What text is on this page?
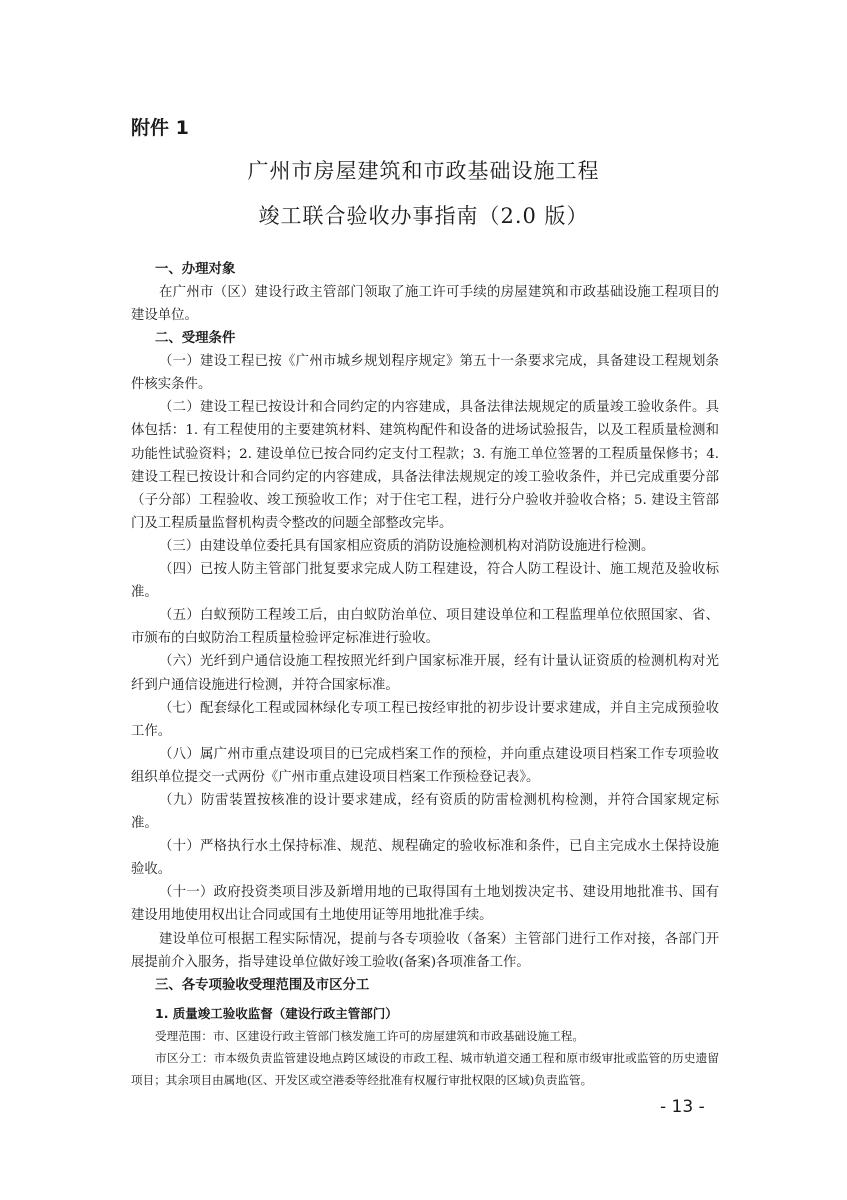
附件 1
广州市房屋建筑和市政基础设施工程
竣工联合验收办事指南（2.0 版）
一、办理对象

在广州市（区）建设行政主管部门领取了施工许可手续的房屋建筑和市政基础设施工程项目的建设单位。

二、受理条件

（一）建设工程已按《广州市城乡规划程序规定》第五十一条要求完成，具备建设工程规划条件核实条件。

（二）建设工程已按设计和合同约定的内容建成，具备法律法规规定的质量竣工验收条件。具体包括：1. 有工程使用的主要建筑材料、建筑构配件和设备的进场试验报告，以及工程质量检测和功能性试验资料；2. 建设单位已按合同约定支付工程款；3. 有施工单位签署的工程质量保修书；4. 建设工程已按设计和合同约定的内容建成，具备法律法规规定的竣工验收条件，并已完成重要分部（子分部）工程验收、竣工预验收工作；对于住宅工程，进行分户验收并验收合格；5. 建设主管部门及工程质量监督机构责令整改的问题全部整改完毕。

（三）由建设单位委托具有国家相应资质的消防设施检测机构对消防设施进行检测。

（四）已按人防主管部门批复要求完成人防工程建设，符合人防工程设计、施工规范及验收标准。

（五）白蚁预防工程竣工后，由白蚁防治单位、项目建设单位和工程监理单位依照国家、省、市颁布的白蚁防治工程质量检验评定标准进行验收。

（六）光纤到户通信设施工程按照光纤到户国家标准开展，经有计量认证资质的检测机构对光纤到户通信设施进行检测，并符合国家标准。

（七）配套绿化工程或园林绿化专项工程已按经审批的初步设计要求建成，并自主完成预验收工作。

（八）属广州市重点建设项目的已完成档案工作的预检，并向重点建设项目档案工作专项验收组织单位提交一式两份《广州市重点建设项目档案工作预检登记表》。

（九）防雷装置按核准的设计要求建成，经有资质的防雷检测机构检测，并符合国家规定标准。

（十）严格执行水土保持标准、规范、规程确定的验收标准和条件，已自主完成水土保持设施验收。

（十一）政府投资类项目涉及新增用地的已取得国有土地划拨决定书、建设用地批准书、国有建设用地使用权出让合同或国有土地使用证等用地批准手续。

建设单位可根据工程实际情况，提前与各专项验收（备案）主管部门进行工作对接，各部门开展提前介入服务，指导建设单位做好竣工验收(备案)各项准备工作。

三、各专项验收受理范围及市区分工
1. 质量竣工验收监督（建设行政主管部门）

受理范围：市、区建设行政主管部门核发施工许可的房屋建筑和市政基础设施工程。

市区分工：市本级负责监管建设地点跨区域设的市政工程、城市轨道交通工程和原市级审批或监管的历史遗留项目；其余项目由属地(区、开发区或空港委等经批准有权履行审批权限的区域)负责监管。

- 13 -
